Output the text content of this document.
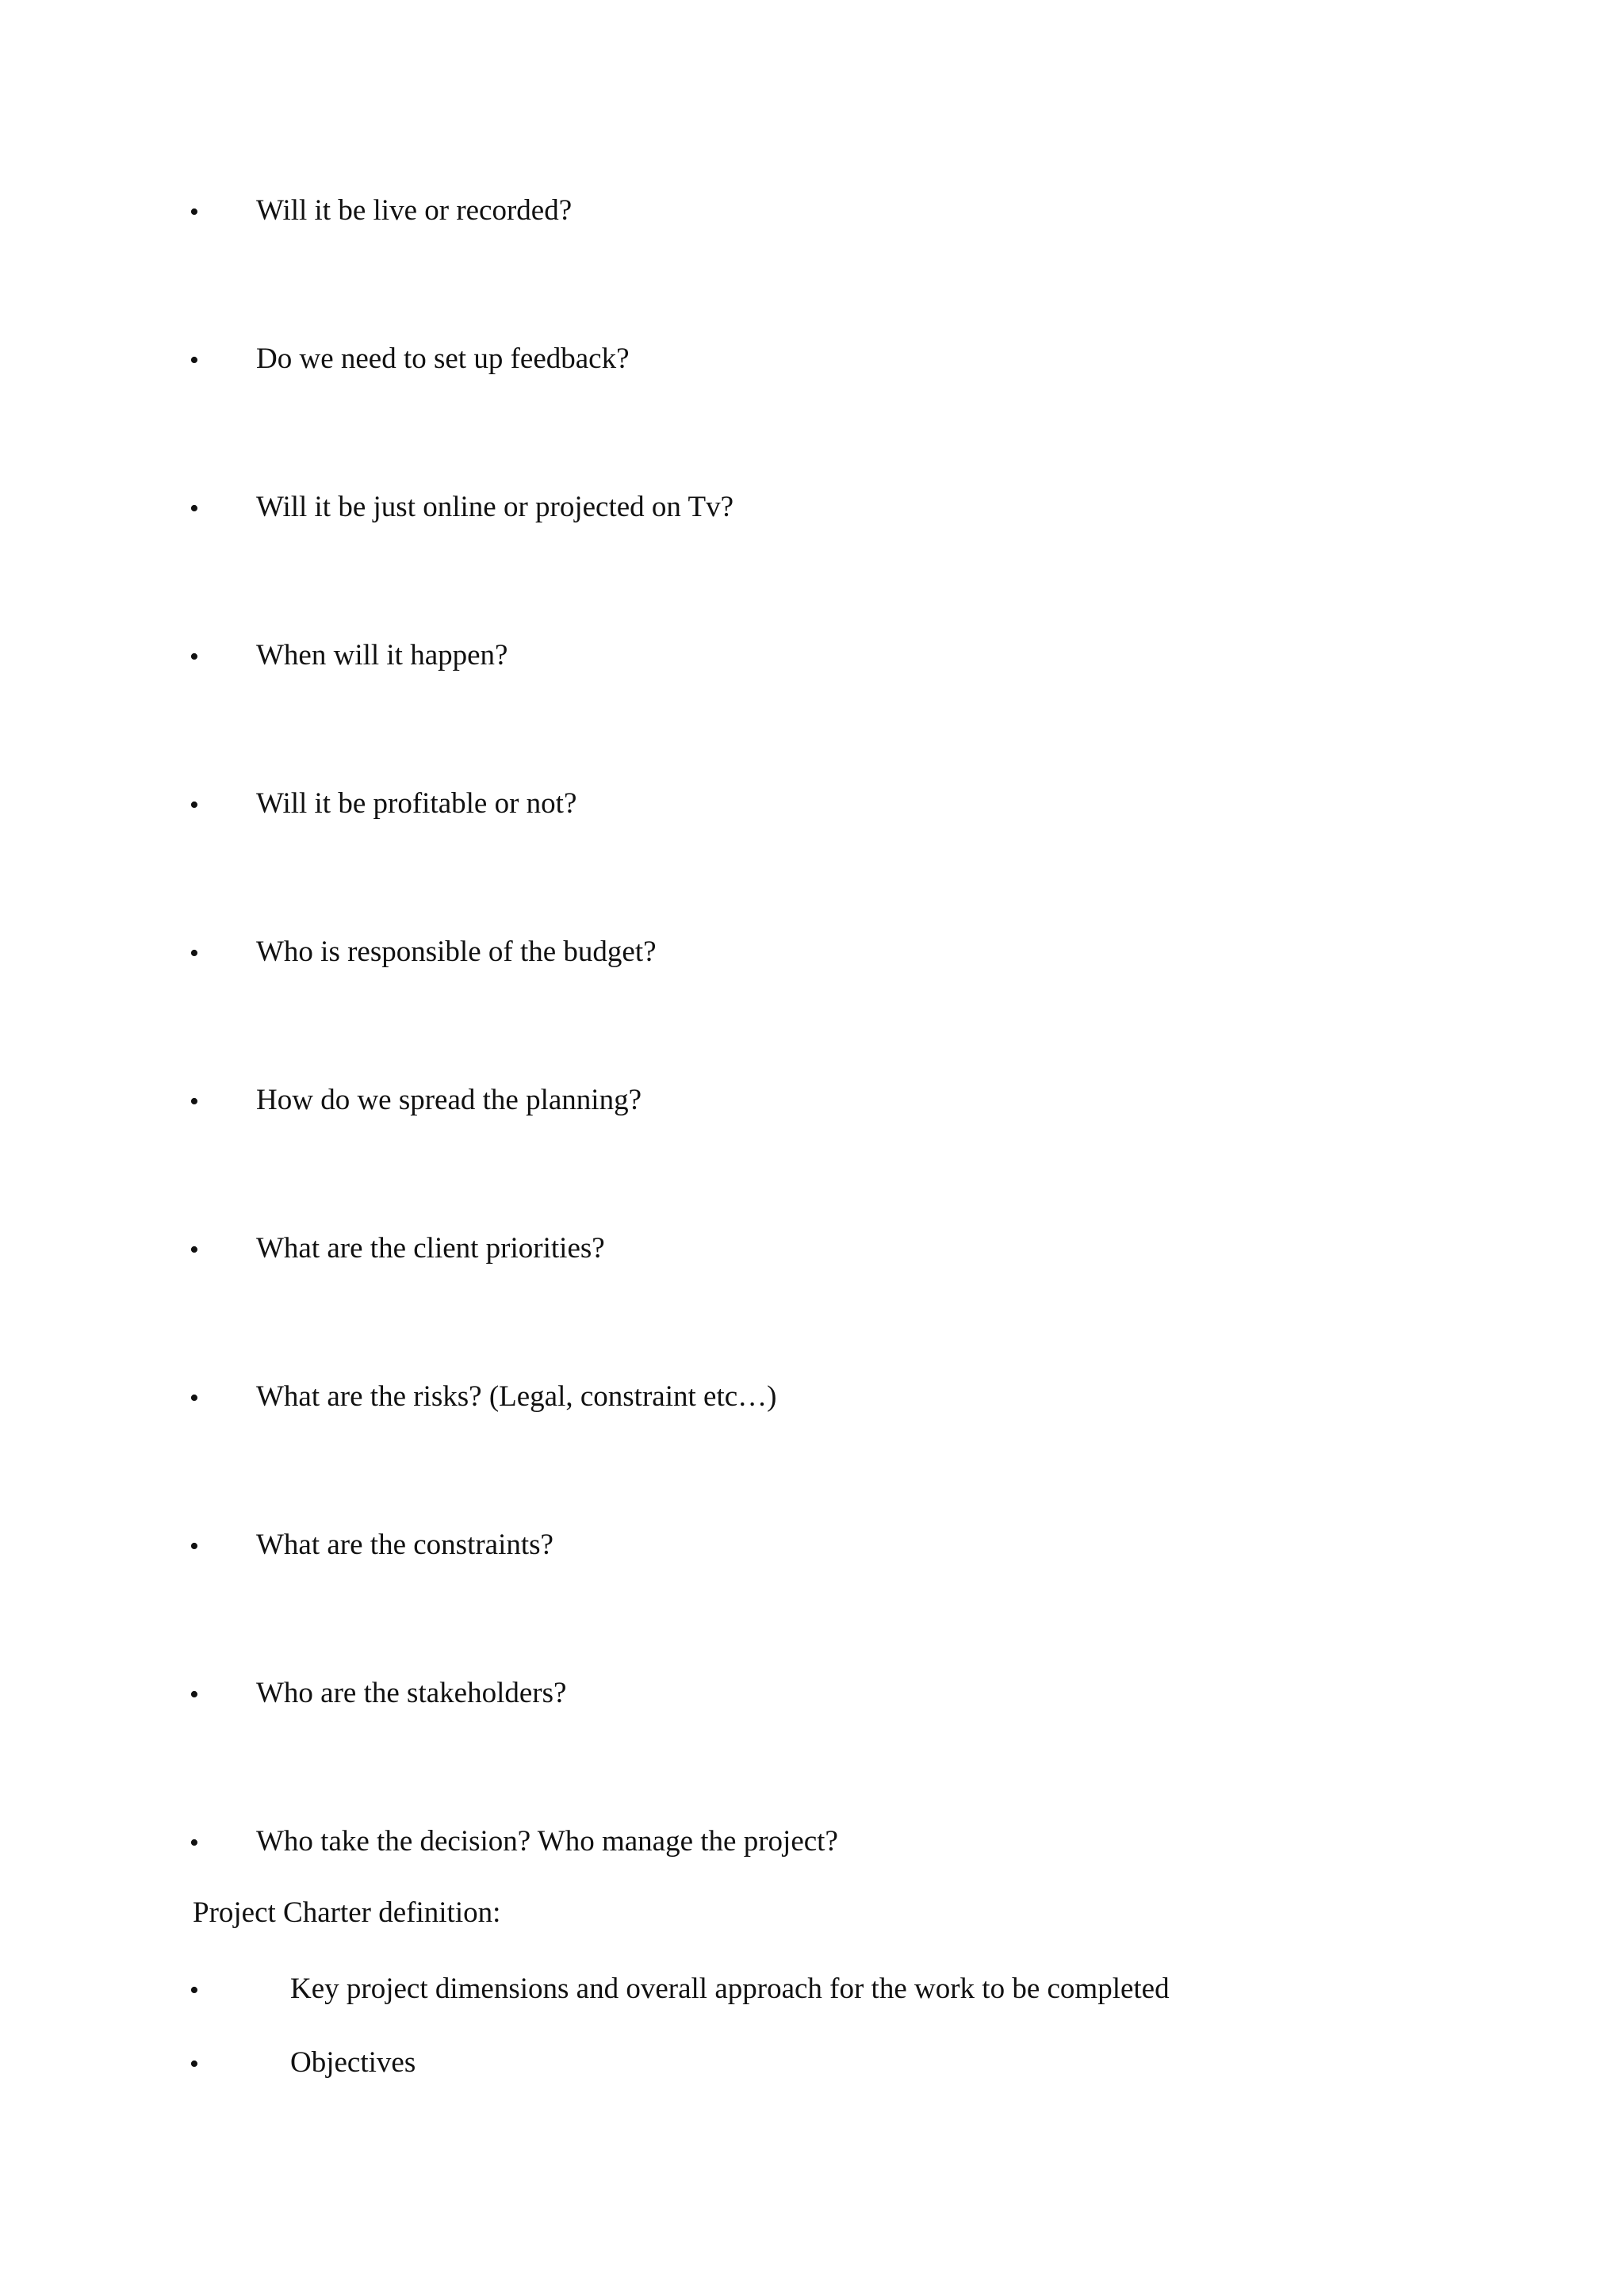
• Will it be live or recorded?
• Do we need to set up feedback?
• Will it be just online or projected on Tv?
• When will it happen?
• Will it be profitable or not?
• Who is responsible of the budget?
• How do we spread the planning?
• What are the client priorities?
• What are the risks? (Legal, constraint etc…)
• What are the constraints?
• Who are the stakeholders?
• Who take the decision? Who manage the project?
Project Charter definition:
•	Key project dimensions and overall approach for the work to be completed
•	Objectives
